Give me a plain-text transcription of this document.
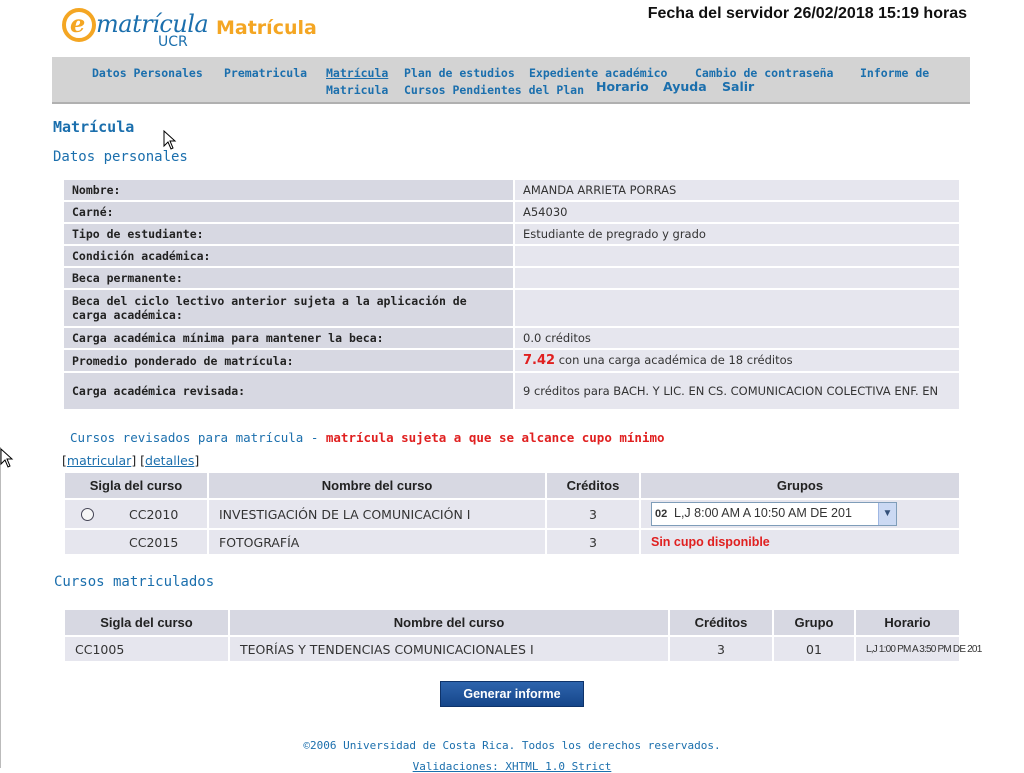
e matrícula
UCR
Matrícula
Fecha del servidor 26/02/2018 15:19 horas
Datos Personales Prematricula Matrícula
Matricula
Plan de estudios
Cursos Pendientes del Plan
Expediente académico
Horario Ayuda
Cambio de contraseña
Salir
Informe de
Matrícula
Datos personales
Nombre:	AMANDA ARRIETA PORRAS
Carné:	A54030
Tipo de estudiante:	Estudiante de pregrado y grado
Condición académica:	
Beca permanente:	
Beca del ciclo lectivo anterior sujeta a la aplicación de carga académica:	
Carga académica mínima para mantener la beca:	0.0 créditos
Promedio ponderado de matrícula:	7.42 con una carga académica de 18 créditos
Carga académica revisada:	9 créditos para BACH. Y LIC. EN CS. COMUNICACION COLECTIVA ENF. EN
Cursos revisados para matrícula - matrícula sujeta a que se alcance cupo mínimo
[matricular] [detalles]
Sigla del curso	Nombre del curso	Créditos	Grupos

CC2010	INVESTIGACIÓN DE LA COMUNICACIÓN I	3	02 L,J 8:00 AM A 10:50 AM DE 201 ▼

CC2015	FOTOGRAFÍA	3	Sin cupo disponible
Cursos matriculados
Sigla del curso	Nombre del curso	Créditos	Grupo	Horario
CC1005	TEORÍAS Y TENDENCIAS COMUNICACIONALES I	3	01	L,J 1:00 PM A 3:50 PM DE 201
Generar informe
©2006 Universidad de Costa Rica. Todos los derechos reservados.
Validaciones: XHTML 1.0 Strict
